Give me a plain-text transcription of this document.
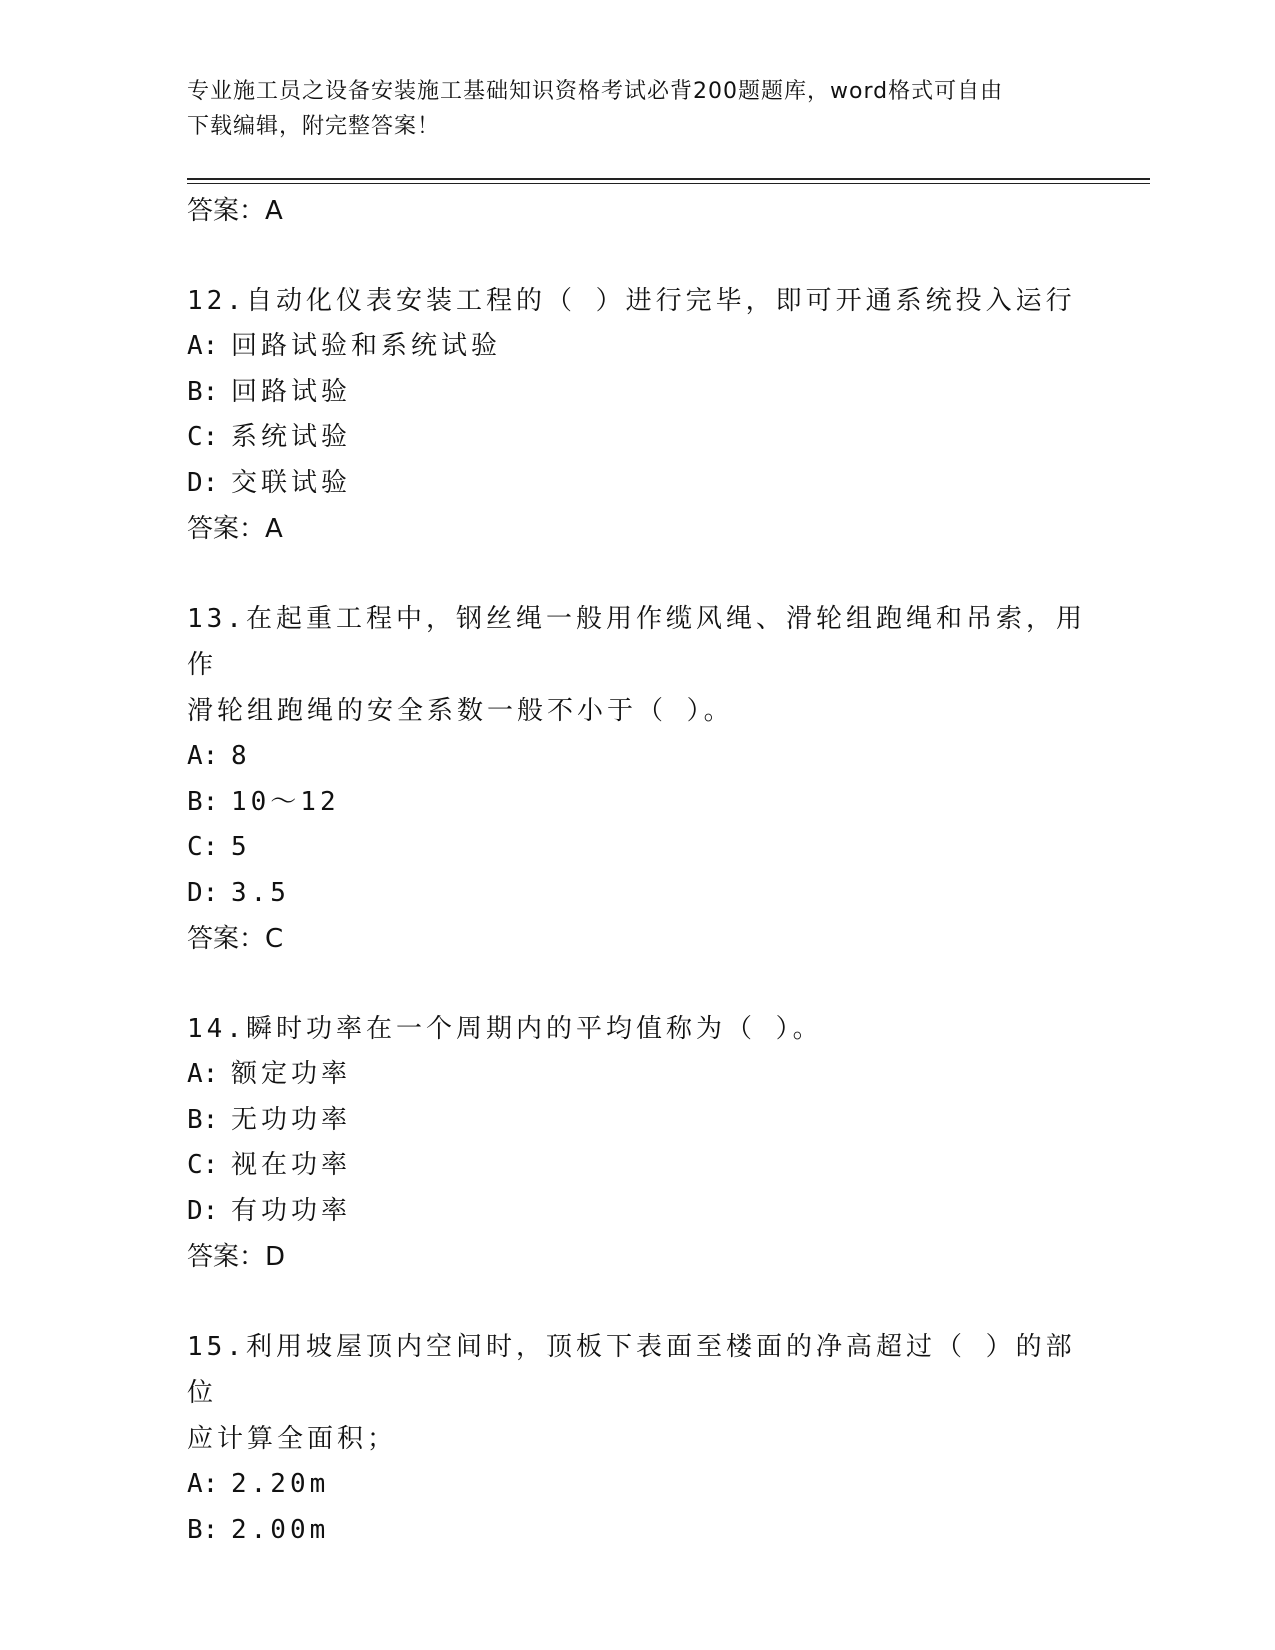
专业施工员之设备安装施工基础知识资格考试必背200题题库，word格式可自由
下载编辑，附完整答案！
答案：A
12.自动化仪表安装工程的（ ）进行完毕，即可开通系统投入运行
A: 回路试验和系统试验
B: 回路试验
C: 系统试验
D: 交联试验
答案：A
13.在起重工程中，钢丝绳一般用作缆风绳、滑轮组跑绳和吊索，用作
滑轮组跑绳的安全系数一般不小于（ ）。
A: 8
B: 10～12
C: 5
D: 3.5
答案：C
14.瞬时功率在一个周期内的平均值称为（ ）。
A: 额定功率
B: 无功功率
C: 视在功率
D: 有功功率
答案：D
15.利用坡屋顶内空间时，顶板下表面至楼面的净高超过（ ）的部位
应计算全面积；
A: 2.20m
B: 2.00m
